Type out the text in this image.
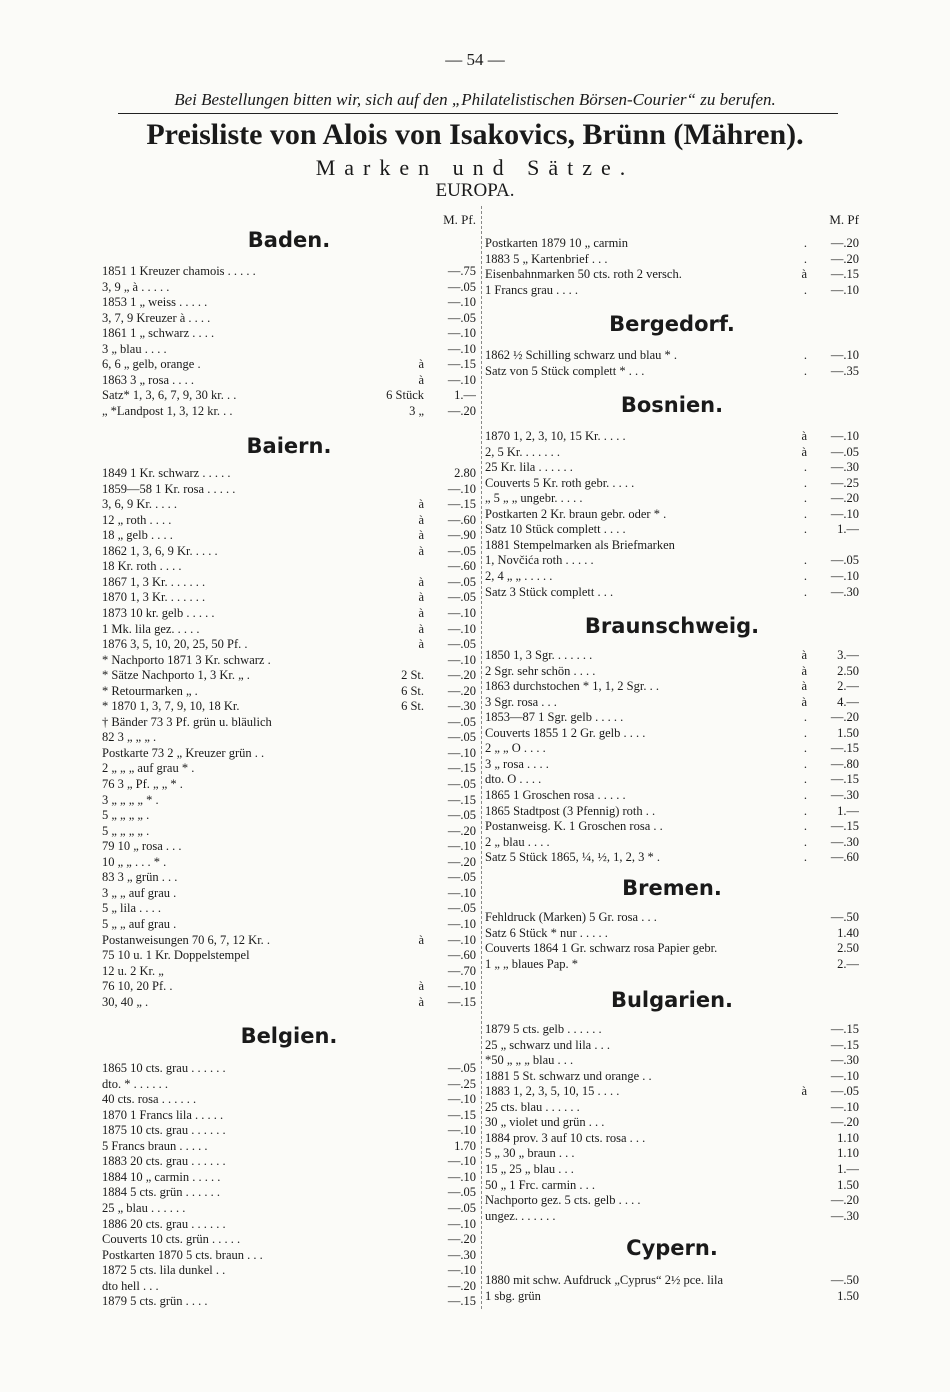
— 54 —
Bei Bestellungen bitten wir, sich auf den „Philatelistischen Börsen-Courier“ zu berufen.
Preisliste von Alois von Isakovics, Brünn (Mähren).
Marken und Sätze.
EUROPA.
M. Pf.
Baden.
1851 1 Kreuzer chamois . . . . .	—.75
3, 9 „ à . . . . .	—.05
1853 1 „ weiss . . . . .	—.10
3, 7, 9 Kreuzer à . . . .	—.05
1861 1 „ schwarz . . . .	—.10
3 „ blau . . . .	—.10
6, 6 „ gelb, orange .	à —.15
1863 3 „ rosa . . . .	à —.10
Satz* 1, 3, 6, 7, 9, 30 kr. . .	6 Stück 1.—
„ *Landpost 1, 3, 12 kr. . .	3 „ —.20
Baiern.
1849 1 Kr. schwarz . . . . .	2.80
1859—58 1 Kr. rosa . . . . .	—.10
3, 6, 9 Kr. . . . .	à —.15
12 „ roth . . . .	à —.60
18 „ gelb . . . .	à —.90
1862 1, 3, 6, 9 Kr. . . . .	à —.05
18 Kr. roth . . . .	—.60
1867 1, 3 Kr. . . . . . .	à —.05
1870 1, 3 Kr. . . . . . .	à —.05
1873 10 kr. gelb . . . . .	à —.10
1 Mk. lila gez. . . . .	à —.10
1876 3, 5, 10, 20, 25, 50 Pf. .	à —.05
* Nachporto 1871 3 Kr. schwarz .	—.10
* Sätze Nachporto 1, 3 Kr. „ .	2 St. —.20
* Retourmarken „ .	6 St. —.20
* 1870 1, 3, 7, 9, 10, 18 Kr.	6 St. —.30
† Bänder 73 3 Pf. grün u. bläulich	—.05
82 3 „ „ „ .	—.05
Postkarte 73 2 „ Kreuzer grün . .	—.10
2 „ „ „ auf grau * .	—.15
76 3 „ Pf. „ „ * .	—.05
3 „ „ „ „ * .	—.15
5 „ „ „ „ .	—.05
5 „ „ „ „ .	—.20
79 10 „ rosa . . .	—.10
10 „ „ . . . * .	—.20
83 3 „ grün . . .	—.05
3 „ „ auf grau .	—.10
5 „ lila . . . .	—.05
5 „ „ auf grau .	—.10
Postanweisungen 70 6, 7, 12 Kr. .	à —.10
75 10 u. 1 Kr. Doppelstempel	—.60
12 u. 2 Kr. „	—.70
76 10, 20 Pf. .	à —.10
30, 40 „ .	à —.15
Belgien.
1865 10 cts. grau . . . . . .	—.05
dto. * . . . . . .	—.25
40 cts. rosa . . . . . .	—.10
1870 1 Francs lila . . . . .	—.15
1875 10 cts. grau . . . . . .	—.10
5 Francs braun . . . . .	1.70
1883 20 cts. grau . . . . . .	—.10
1884 10 „ carmin . . . . .	—.10
1884 5 cts. grün . . . . . .	—.05
25 „ blau . . . . . .	—.05
1886 20 cts. grau . . . . . .	—.10
Couverts 10 cts. grün . . . . .	—.20
Postkarten 1870 5 cts. braun . . .	—.30
1872 5 cts. lila dunkel . .	—.10
dto hell . . .	—.20
1879 5 cts. grün . . . .	—.15
M. Pf
Postkarten 1879 10 „ carmin	. —.20
1883 5 „ Kartenbrief . . .	. —.20
Eisenbahnmarken 50 cts. roth 2 versch.	à —.15
1 Francs grau . . . .	. —.10
Bergedorf.
1862 ½ Schilling schwarz und blau * .	. —.10
Satz von 5 Stück complett * . . .	. —.35
Bosnien.
1870 1, 2, 3, 10, 15 Kr. . . . .	à —.10
2, 5 Kr. . . . . . .	à —.05
25 Kr. lila . . . . . .	. —.30
Couverts 5 Kr. roth gebr. . . . .	. —.25
„ 5 „ „ ungebr. . . . .	. —.20
Postkarten 2 Kr. braun gebr. oder * .	. —.10
Satz 10 Stück complett . . . .	. 1.—
1881 Stempelmarken als Briefmarken
1, Novčića roth . . . . .	. —.05
2, 4 „ „ . . . . .	. —.10
Satz 3 Stück complett . . .	. —.30
Braunschweig.
1850 1, 3 Sgr. . . . . . .	à 3.—
2 Sgr. sehr schön . . . .	à 2.50
1863 durchstochen * 1, 1, 2 Sgr. . .	à 2.—
3 Sgr. rosa . . .	à 4.—
1853—87 1 Sgr. gelb . . . . .	. —.20
Couverts 1855 1 2 Gr. gelb . . . .	. 1.50
2 „ „ O . . . .	. —.15
3 „ rosa . . . .	. —.80
dto. O . . . .	. —.15
1865 1 Groschen rosa . . . . .	. —.30
1865 Stadtpost (3 Pfennig) roth . .	. 1.—
Postanweisg. K. 1 Groschen rosa . .	. —.15
2 „ blau . . . .	. —.30
Satz 5 Stück 1865, ¼, ½, 1, 2, 3 * .	. —.60
Bremen.
Fehldruck (Marken) 5 Gr. rosa . . .	—.50
Satz 6 Stück * nur . . . . .	1.40
Couverts 1864 1 Gr. schwarz rosa Papier gebr.	2.50
1 „ „ blaues Pap. *	2.—
Bulgarien.
1879 5 cts. gelb . . . . . .	—.15
25 „ schwarz und lila . . .	—.15
*50 „ „ „ blau . . .	—.30
1881 5 St. schwarz und orange . .	—.10
1883 1, 2, 3, 5, 10, 15 . . . .	à —.05
25 cts. blau . . . . . .	—.10
30 „ violet und grün . . .	—.20
1884 prov. 3 auf 10 cts. rosa . . .	1.10
5 „ 30 „ braun . . .	1.10
15 „ 25 „ blau . . .	1.—
50 „ 1 Frc. carmin . . .	1.50
Nachporto gez. 5 cts. gelb . . . .	—.20
ungez. . . . . . .	—.30
Cypern.
1880 mit schw. Aufdruck „Cyprus“ 2½ pce. lila	—.50
1 sbg. grün	1.50
